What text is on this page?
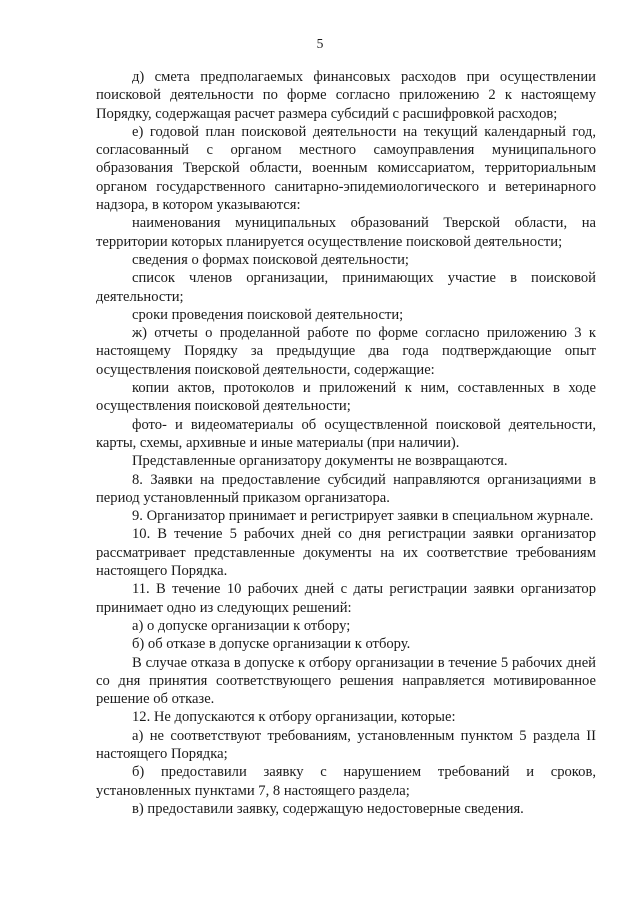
5

д) смета предполагаемых финансовых расходов при осуществлении поисковой деятельности по форме согласно приложению 2 к настоящему Порядку, содержащая расчет размера субсидий с расшифровкой расходов;

е) годовой план поисковой деятельности на текущий календарный год, согласованный с органом местного самоуправления муниципального образования Тверской области, военным комиссариатом, территориальным органом государственного санитарно-эпидемиологического и ветеринарного надзора, в котором указываются:

наименования муниципальных образований Тверской области, на территории которых планируется осуществление поисковой деятельности;

сведения о формах поисковой деятельности;

список членов организации, принимающих участие в поисковой деятельности;

сроки проведения поисковой деятельности;

ж) отчеты о проделанной работе по форме согласно приложению 3 к настоящему Порядку за предыдущие два года подтверждающие опыт осуществления поисковой деятельности, содержащие:

копии актов, протоколов и приложений к ним, составленных в ходе осуществления поисковой деятельности;

фото- и видеоматериалы об осуществленной поисковой деятельности, карты, схемы, архивные и иные материалы (при наличии).

Представленные организатору документы не возвращаются.

8. Заявки на предоставление субсидий направляются организациями в период установленный приказом организатора.

9. Организатор принимает и регистрирует заявки в специальном журнале.

10. В течение 5 рабочих дней со дня регистрации заявки организатор рассматривает представленные документы на их соответствие требованиям настоящего Порядка.

11. В течение 10 рабочих дней с даты регистрации заявки организатор принимает одно из следующих решений:

а) о допуске организации к отбору;

б) об отказе в допуске организации к отбору.

В случае отказа в допуске к отбору организации в течение 5 рабочих дней со дня принятия соответствующего решения направляется мотивированное решение об отказе.

12. Не допускаются к отбору организации, которые:

а) не соответствуют требованиям, установленным пунктом 5 раздела II настоящего Порядка;

б) предоставили заявку с нарушением требований и сроков, установленных пунктами 7, 8 настоящего раздела;

в) предоставили заявку, содержащую недостоверные сведения.
